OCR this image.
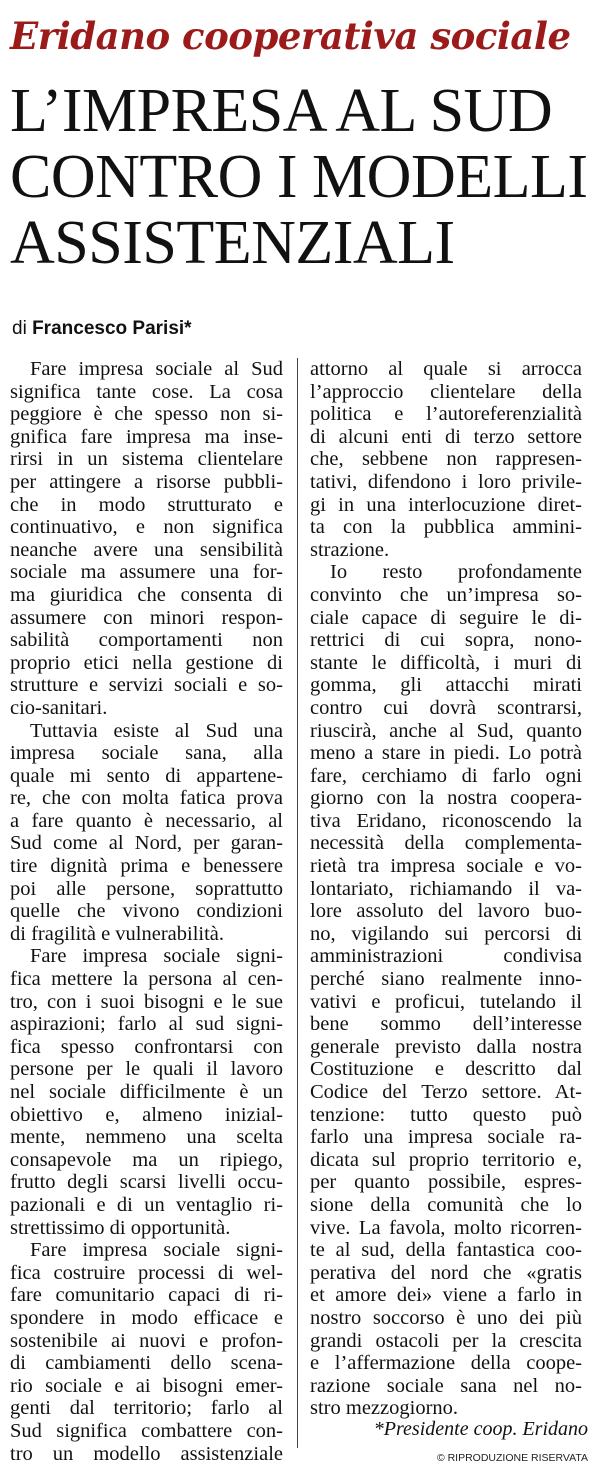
Eridano cooperativa sociale
L’IMPRESA AL SUD
CONTRO I MODELLI
ASSISTENZIALI
di Francesco Parisi*
Fare impresa sociale al Sud
significa tante cose. La cosa
peggiore è che spesso non si-
gnifica fare impresa ma inse-
rirsi in un sistema clientelare
per attingere a risorse pubbli-
che in modo strutturato e
continuativo, e non significa
neanche avere una sensibilità
sociale ma assumere una for-
ma giuridica che consenta di
assumere con minori respon-
sabilità comportamenti non
proprio etici nella gestione di
strutture e servizi sociali e so-
cio-sanitari.
Tuttavia esiste al Sud una
impresa sociale sana, alla
quale mi sento di appartene-
re, che con molta fatica prova
a fare quanto è necessario, al
Sud come al Nord, per garan-
tire dignità prima e benessere
poi alle persone, soprattutto
quelle che vivono condizioni
di fragilità e vulnerabilità.
Fare impresa sociale signi-
fica mettere la persona al cen-
tro, con i suoi bisogni e le sue
aspirazioni; farlo al sud signi-
fica spesso confrontarsi con
persone per le quali il lavoro
nel sociale difficilmente è un
obiettivo e, almeno inizial-
mente, nemmeno una scelta
consapevole ma un ripiego,
frutto degli scarsi livelli occu-
pazionali e di un ventaglio ri-
strettissimo di opportunità.
Fare impresa sociale signi-
fica costruire processi di wel-
fare comunitario capaci di ri-
spondere in modo efficace e
sostenibile ai nuovi e profon-
di cambiamenti dello scena-
rio sociale e ai bisogni emer-
genti dal territorio; farlo al
Sud significa combattere con-
tro un modello assistenziale
attorno al quale si arrocca
l’approccio clientelare della
politica e l’autoreferenzialità
di alcuni enti di terzo settore
che, sebbene non rappresen-
tativi, difendono i loro privile-
gi in una interlocuzione diret-
ta con la pubblica ammini-
strazione.
Io resto profondamente
convinto che un’impresa so-
ciale capace di seguire le di-
rettrici di cui sopra, nono-
stante le difficoltà, i muri di
gomma, gli attacchi mirati
contro cui dovrà scontrarsi,
riuscirà, anche al Sud, quanto
meno a stare in piedi. Lo potrà
fare, cerchiamo di farlo ogni
giorno con la nostra coopera-
tiva Eridano, riconoscendo la
necessità della complementa-
rietà tra impresa sociale e vo-
lontariato, richiamando il va-
lore assoluto del lavoro buo-
no, vigilando sui percorsi di
amministrazioni condivisa
perché siano realmente inno-
vativi e proficui, tutelando il
bene sommo dell’interesse
generale previsto dalla nostra
Costituzione e descritto dal
Codice del Terzo settore. At-
tenzione: tutto questo può
farlo una impresa sociale ra-
dicata sul proprio territorio e,
per quanto possibile, espres-
sione della comunità che lo
vive. La favola, molto ricorren-
te al sud, della fantastica coo-
perativa del nord che «gratis
et amore dei» viene a farlo in
nostro soccorso è uno dei più
grandi ostacoli per la crescita
e l’affermazione della coope-
razione sociale sana nel no-
stro mezzogiorno.
*Presidente coop. Eridano
© RIPRODUZIONE RISERVATA
